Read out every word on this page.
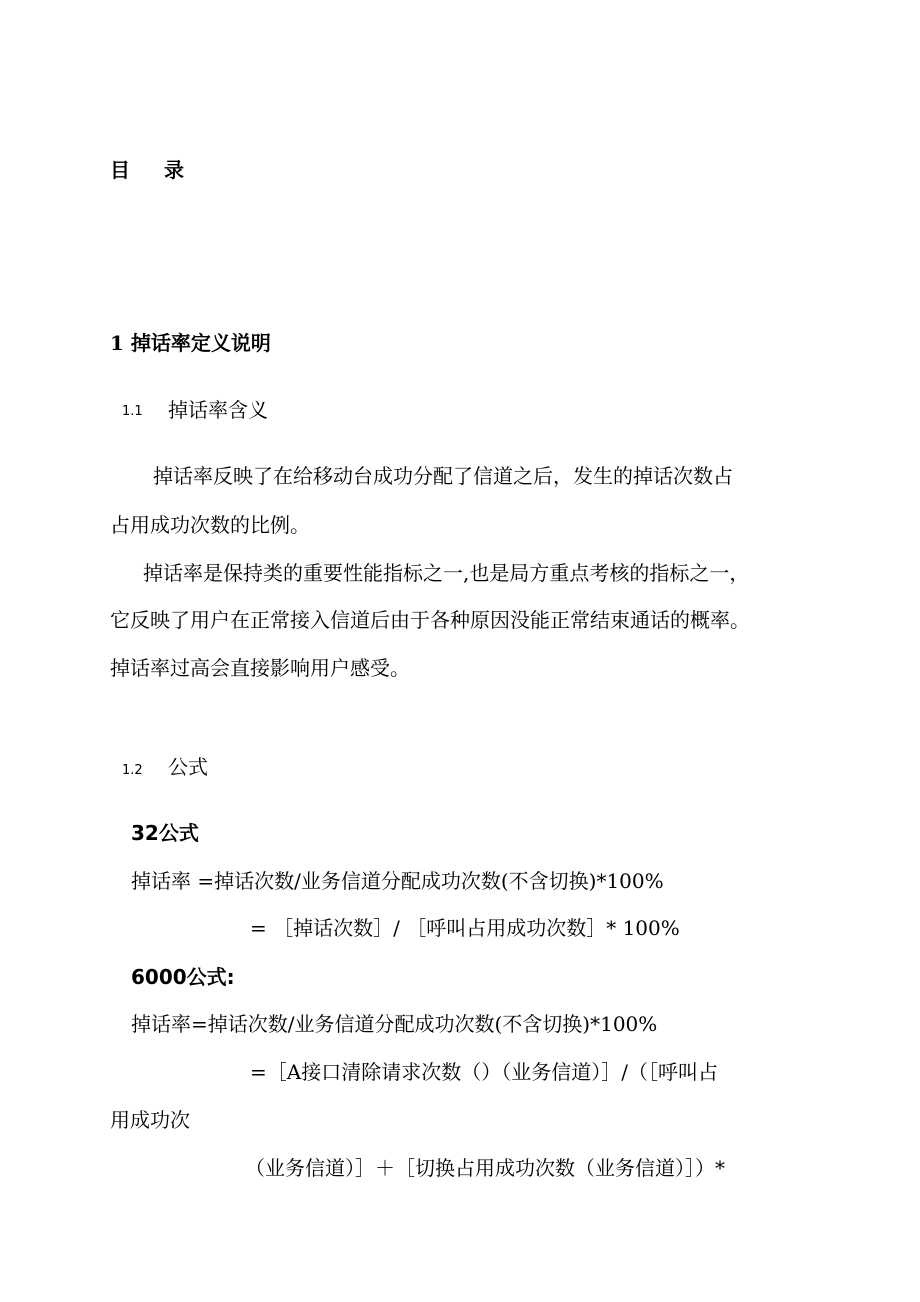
目 录
1 掉话率定义说明
1.1 掉话率含义
掉话率反映了在给移动台成功分配了信道之后，发生的掉话次数占
占用成功次数的比例。
掉话率是保持类的重要性能指标之一,也是局方重点考核的指标之一，
它反映了用户在正常接入信道后由于各种原因没能正常结束通话的概率。
掉话率过高会直接影响用户感受。
1.2 公式
32公式
掉话率 =掉话次数/业务信道分配成功次数(不含切换)*100%
= ［掉话次数］/ ［呼叫占用成功次数］* 100%
6000公式:
掉话率=掉话次数/业务信道分配成功次数(不含切换)*100%
=［A接口清除请求次数（）（业务信道）］/（［呼叫占
用成功次
（业务信道）］＋［切换占用成功次数（业务信道）］）*
